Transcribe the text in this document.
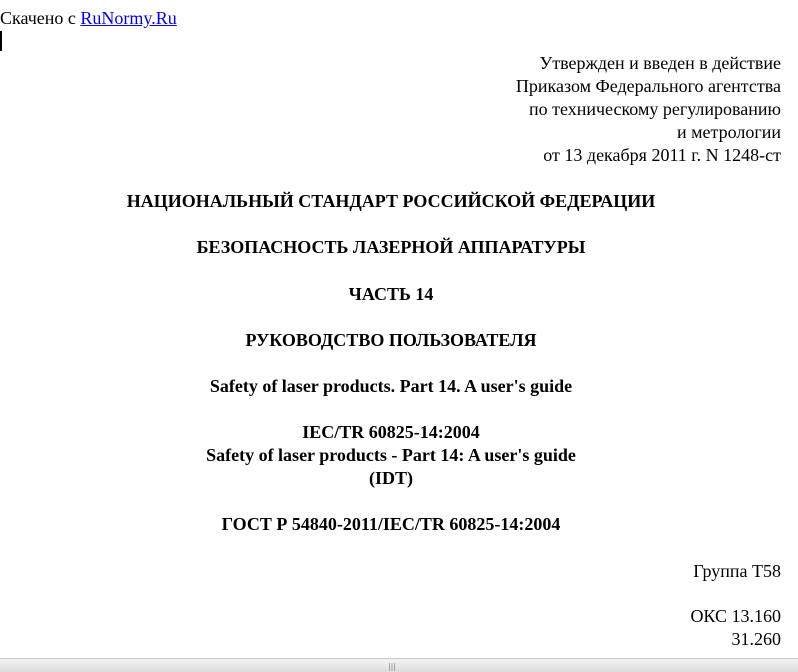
Скачено с RuNormy.Ru
Утвержден и введен в действие
Приказом Федерального агентства
по техническому регулированию
и метрологии
от 13 декабря 2011 г. N 1248-ст
НАЦИОНАЛЬНЫЙ СТАНДАРТ РОССИЙСКОЙ ФЕДЕРАЦИИ
БЕЗОПАСНОСТЬ ЛАЗЕРНОЙ АППАРАТУРЫ
ЧАСТЬ 14
РУКОВОДСТВО ПОЛЬЗОВАТЕЛЯ
Safety of laser products. Part 14. A user's guide
IEC/TR 60825-14:2004
Safety of laser products - Part 14: A user's guide
(IDT)
ГОСТ Р 54840-2011/IEC/TR 60825-14:2004
Группа Т58
ОКС 13.160
31.260
|||
